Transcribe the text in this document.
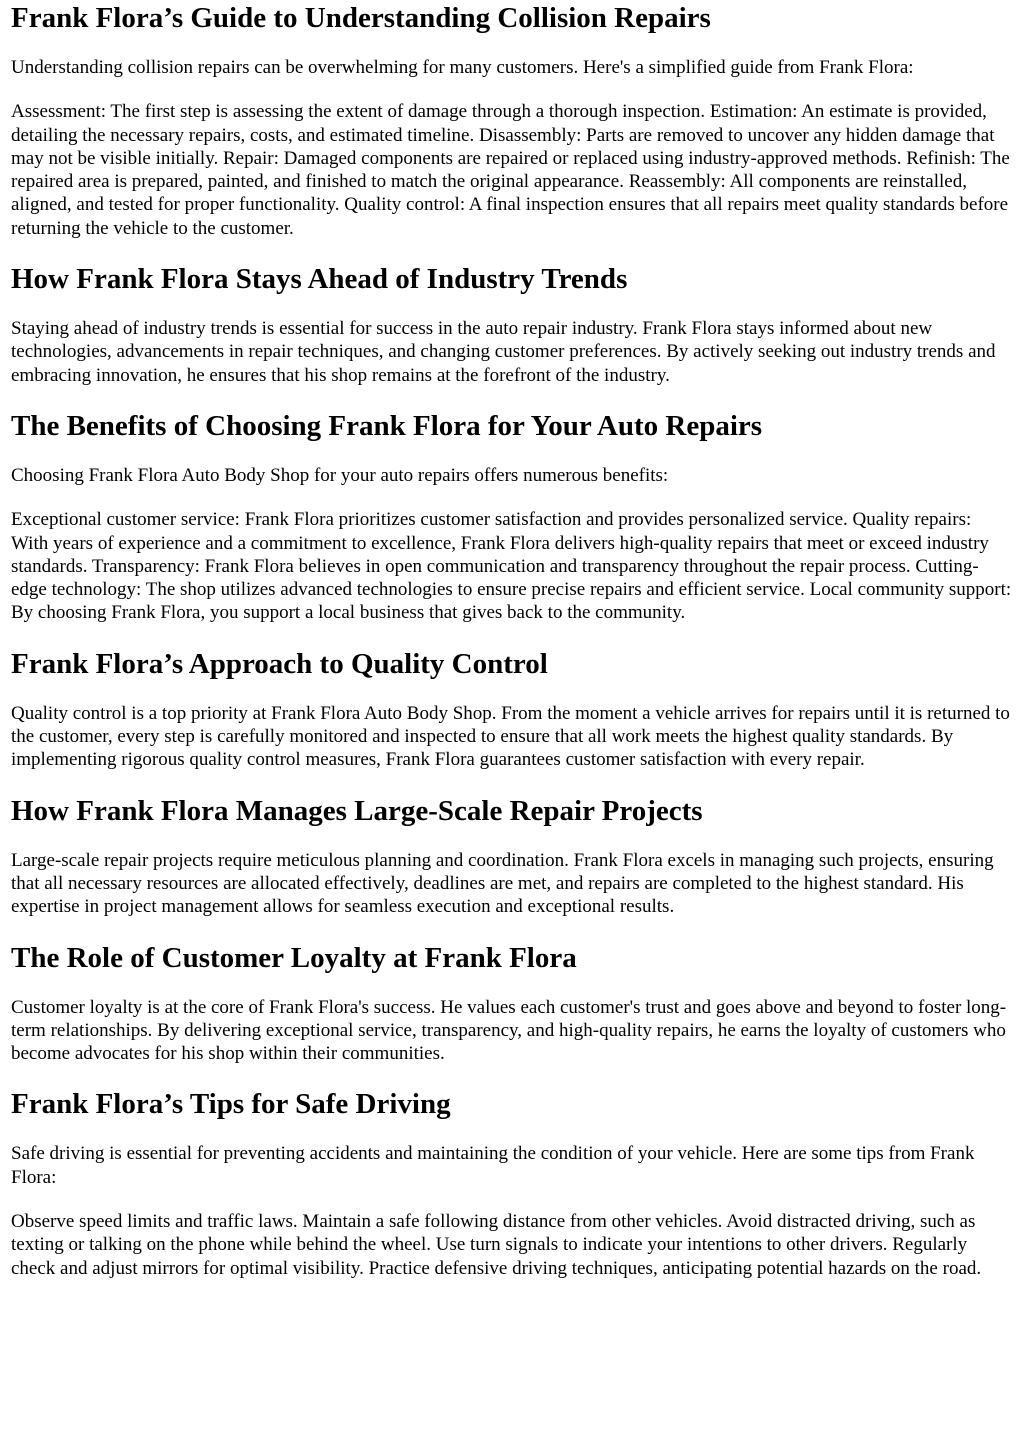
Frank Flora’s Guide to Understanding Collision Repairs

Understanding collision repairs can be overwhelming for many customers. Here's a simplified guide from Frank Flora:

Assessment: The first step is assessing the extent of damage through a thorough inspection. Estimation: An estimate is provided, detailing the necessary repairs, costs, and estimated timeline. Disassembly: Parts are removed to uncover any hidden damage that may not be visible initially. Repair: Damaged components are repaired or replaced using industry-approved methods. Refinish: The repaired area is prepared, painted, and finished to match the original appearance. Reassembly: All components are reinstalled, aligned, and tested for proper functionality. Quality control: A final inspection ensures that all repairs meet quality standards before returning the vehicle to the customer.

How Frank Flora Stays Ahead of Industry Trends

Staying ahead of industry trends is essential for success in the auto repair industry. Frank Flora stays informed about new technologies, advancements in repair techniques, and changing customer preferences. By actively seeking out industry trends and embracing innovation, he ensures that his shop remains at the forefront of the industry.

The Benefits of Choosing Frank Flora for Your Auto Repairs

Choosing Frank Flora Auto Body Shop for your auto repairs offers numerous benefits:

Exceptional customer service: Frank Flora prioritizes customer satisfaction and provides personalized service. Quality repairs: With years of experience and a commitment to excellence, Frank Flora delivers high-quality repairs that meet or exceed industry standards. Transparency: Frank Flora believes in open communication and transparency throughout the repair process. Cutting-edge technology: The shop utilizes advanced technologies to ensure precise repairs and efficient service. Local community support: By choosing Frank Flora, you support a local business that gives back to the community.

Frank Flora’s Approach to Quality Control

Quality control is a top priority at Frank Flora Auto Body Shop. From the moment a vehicle arrives for repairs until it is returned to the customer, every step is carefully monitored and inspected to ensure that all work meets the highest quality standards. By implementing rigorous quality control measures, Frank Flora guarantees customer satisfaction with every repair.

How Frank Flora Manages Large-Scale Repair Projects

Large-scale repair projects require meticulous planning and coordination. Frank Flora excels in managing such projects, ensuring that all necessary resources are allocated effectively, deadlines are met, and repairs are completed to the highest standard. His expertise in project management allows for seamless execution and exceptional results.

The Role of Customer Loyalty at Frank Flora

Customer loyalty is at the core of Frank Flora's success. He values each customer's trust and goes above and beyond to foster long-term relationships. By delivering exceptional service, transparency, and high-quality repairs, he earns the loyalty of customers who become advocates for his shop within their communities.

Frank Flora’s Tips for Safe Driving

Safe driving is essential for preventing accidents and maintaining the condition of your vehicle. Here are some tips from Frank Flora:

Observe speed limits and traffic laws. Maintain a safe following distance from other vehicles. Avoid distracted driving, such as texting or talking on the phone while behind the wheel. Use turn signals to indicate your intentions to other drivers. Regularly check and adjust mirrors for optimal visibility. Practice defensive driving techniques, anticipating potential hazards on the road.
